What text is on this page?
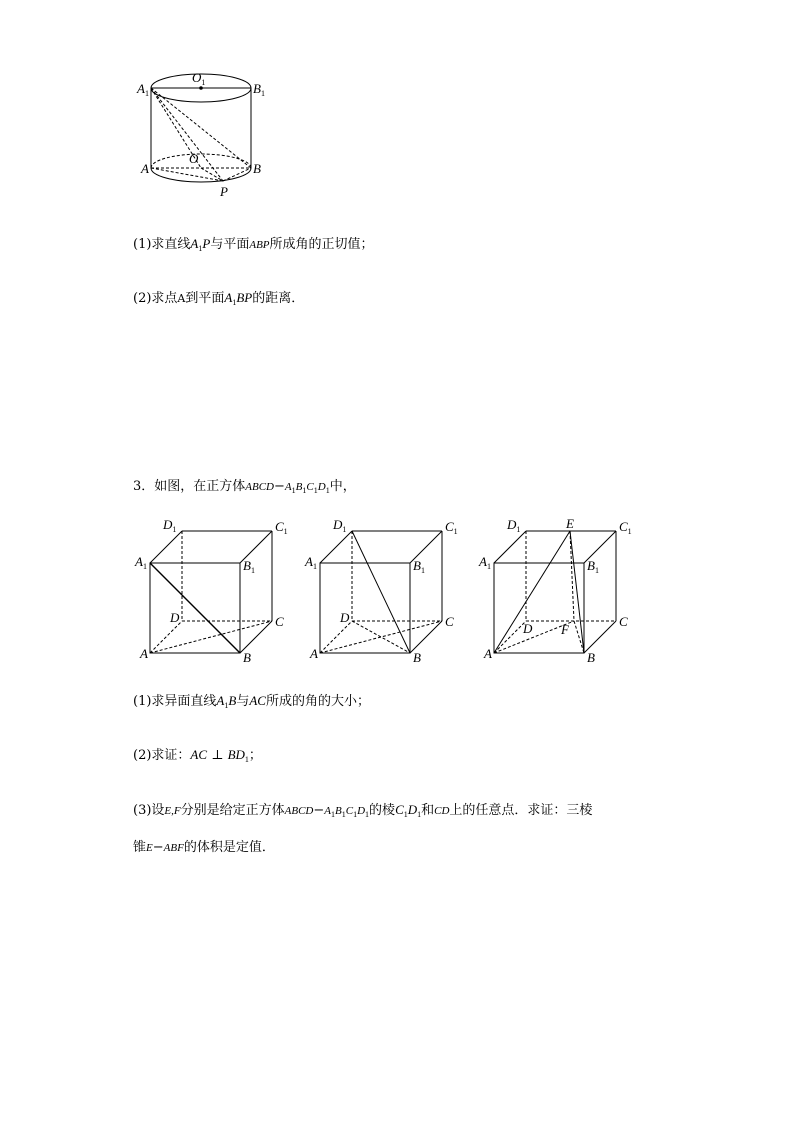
$A_1$	$B_1$
$O_1$
O
A	B
P
(1)求直线$A_1P$与平面ABP所成角的正切值；
(2)求点A到平面$A_1BP$的距离．
3．如图，在正方体$ABCD-A_1B_1C_1D_1$中，
$D_1$	$C_1$
$A_1$	$B_1$
D	C
A	B
$D_1$	$C_1$
$A_1$	$B_1$
D	C
A	B
$D_1$	E	$C_1$
$A_1$	$B_1$
D F
C
A	B
(1)求异面直线$A_1B$与AC所成的角的大小；
(2)求证：AC ⊥ $BD_1$；
(3)设E,F分别是给定正方体$ABCD-A_1B_1C_1D_1$的棱$C_1D_1$和CD上的任意点．求证：三棱
锥E−ABF的体积是定值．
